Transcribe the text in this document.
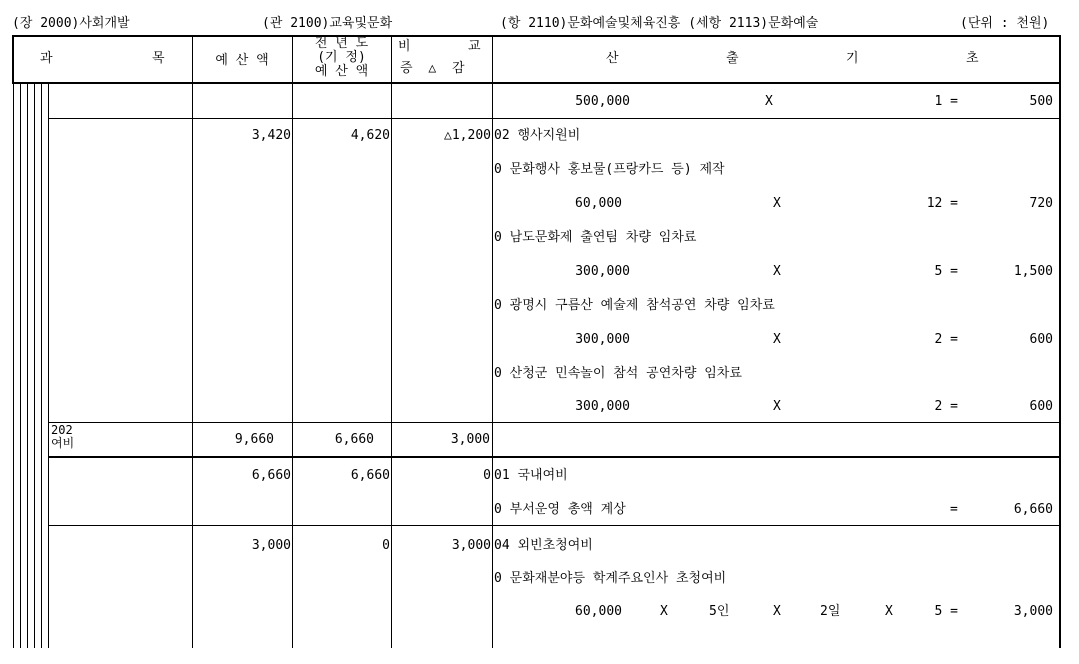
(장 2000)사회개발	(관 2100)교육및문화	(항 2110)문화예술및체육진흥 (세항 2113)문화예술	(단위 : 천원)
과	목	예 산 액
전 년 도
(기 정)
예 산 액
비	교
증 △ 감
산	출	기	초
500,000	X	1 =	500
3,420	4,620	△1,200 02 행사지원비
0 문화행사 홍보물(프랑카드 등) 제작
60,000	X	12 =	720
0 남도문화제 출연팀 차량 임차료
300,000	X	5 =	1,500
0 광명시 구름산 예술제 참석공연 차량 임차료
300,000	X	2 =	600
0 산청군 민속놀이 참석 공연차량 임차료
300,000	X	2 =	600
202
여비	9,660	6,660	3,000
6,660	6,660	0 01 국내여비
0 부서운영 총액 계상	=	6,660
3,000	0	3,000 04 외빈초청여비
0 문화재분야등 학계주요인사 초청여비
60,000	X	5인	X	2일	X	5 =	3,000
